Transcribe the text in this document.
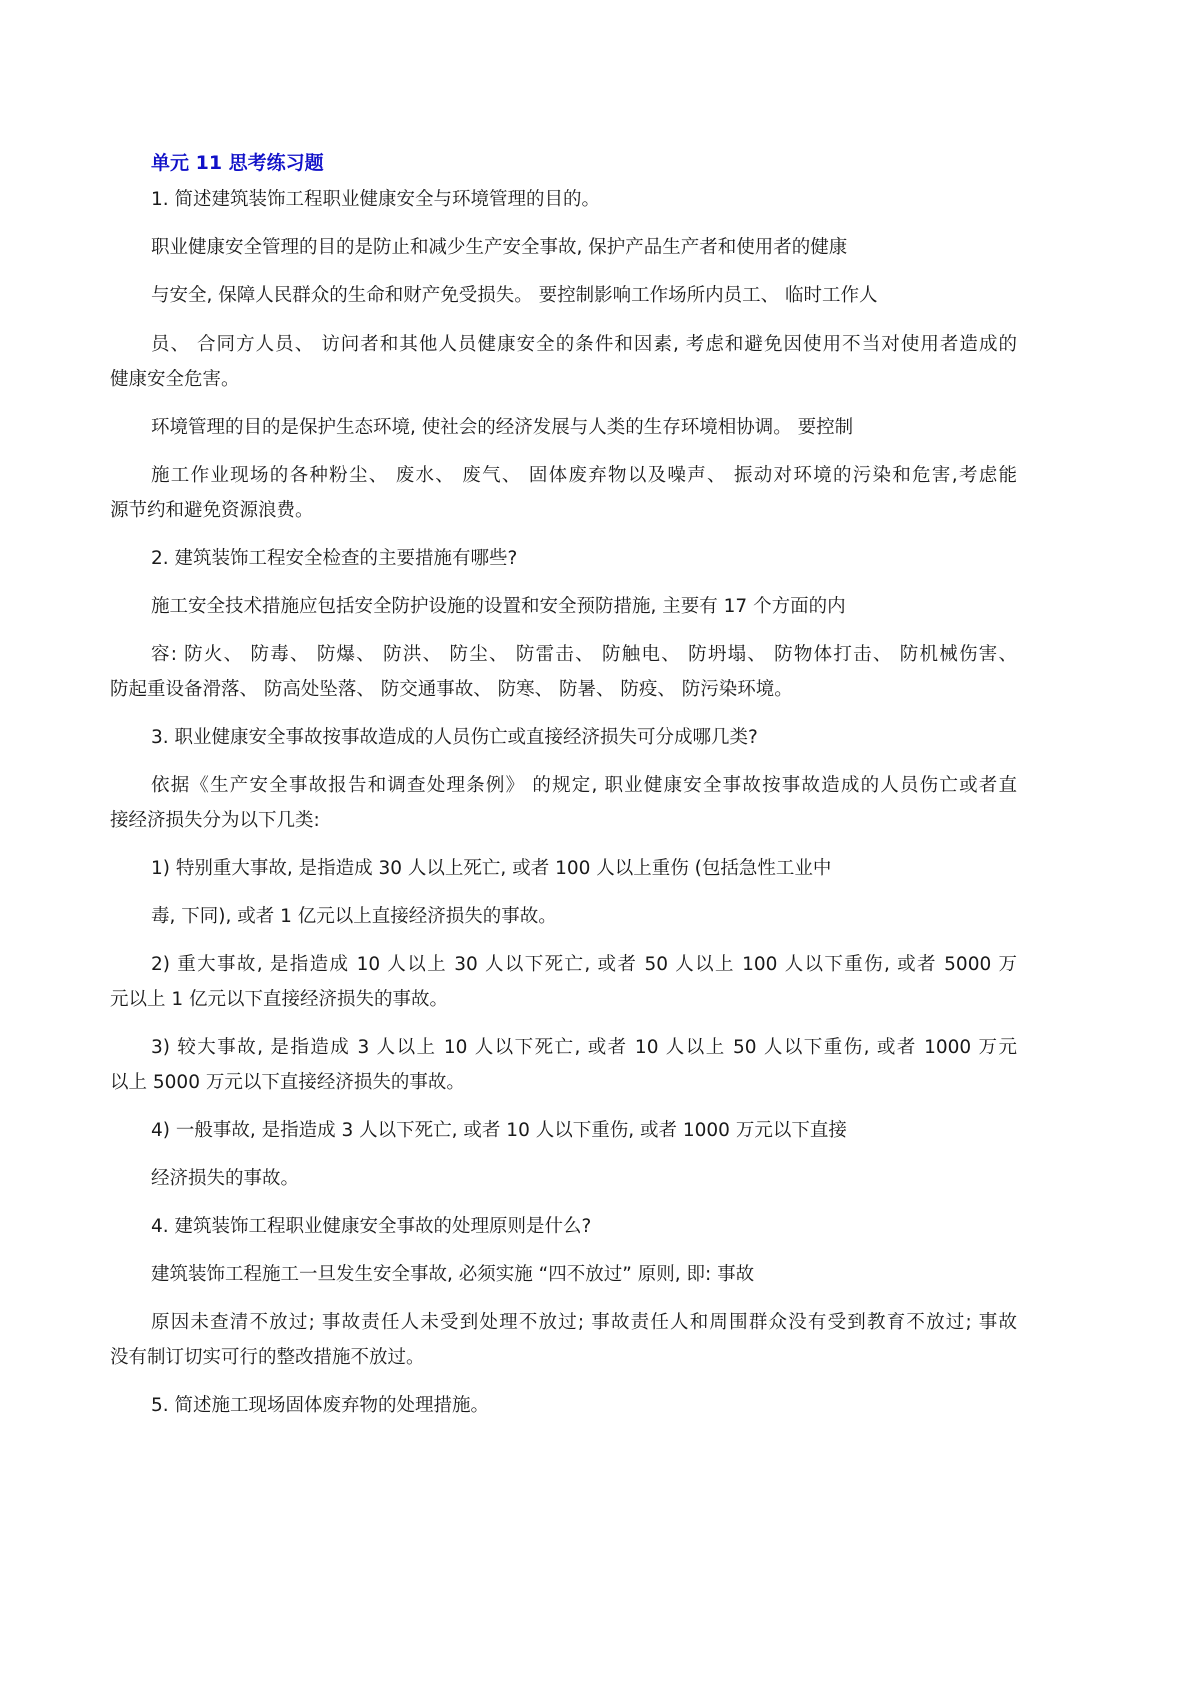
单元 11 思考练习题
1. 简述建筑装饰工程职业健康安全与环境管理的目的。
职业健康安全管理的目的是防止和减少生产安全事故, 保护产品生产者和使用者的健康
与安全, 保障人民群众的生命和财产免受损失。 要控制影响工作场所内员工、 临时工作人
员、 合同方人员、 访问者和其他人员健康安全的条件和因素, 考虑和避免因使用不当对使用者造成的
健康安全危害。
环境管理的目的是保护生态环境, 使社会的经济发展与人类的生存环境相协调。 要控制
施工作业现场的各种粉尘、 废水、 废气、 固体废弃物以及噪声、 振动对环境的污染和危害,考虑能
源节约和避免资源浪费。
2. 建筑装饰工程安全检查的主要措施有哪些?
施工安全技术措施应包括安全防护设施的设置和安全预防措施, 主要有 17 个方面的内
容: 防火、 防毒、 防爆、 防洪、 防尘、 防雷击、 防触电、 防坍塌、 防物体打击、 防机械伤害、
防起重设备滑落、 防高处坠落、 防交通事故、 防寒、 防暑、 防疫、 防污染环境。
3. 职业健康安全事故按事故造成的人员伤亡或直接经济损失可分成哪几类?
依据《生产安全事故报告和调查处理条例》 的规定, 职业健康安全事故按事故造成的人员伤亡或者直
接经济损失分为以下几类:
1) 特别重大事故, 是指造成 30 人以上死亡, 或者 100 人以上重伤 (包括急性工业中
毒, 下同), 或者 1 亿元以上直接经济损失的事故。
2) 重大事故, 是指造成 10 人以上 30 人以下死亡, 或者 50 人以上 100 人以下重伤, 或者 5000 万
元以上 1 亿元以下直接经济损失的事故。
3) 较大事故, 是指造成 3 人以上 10 人以下死亡, 或者 10 人以上 50 人以下重伤, 或者 1000 万元
以上 5000 万元以下直接经济损失的事故。
4) 一般事故, 是指造成 3 人以下死亡, 或者 10 人以下重伤, 或者 1000 万元以下直接
经济损失的事故。
4. 建筑装饰工程职业健康安全事故的处理原则是什么?
建筑装饰工程施工一旦发生安全事故, 必须实施 “四不放过” 原则, 即: 事故
原因未查清不放过; 事故责任人未受到处理不放过; 事故责任人和周围群众没有受到教育不放过; 事故
没有制订切实可行的整改措施不放过。
5. 简述施工现场固体废弃物的处理措施。
